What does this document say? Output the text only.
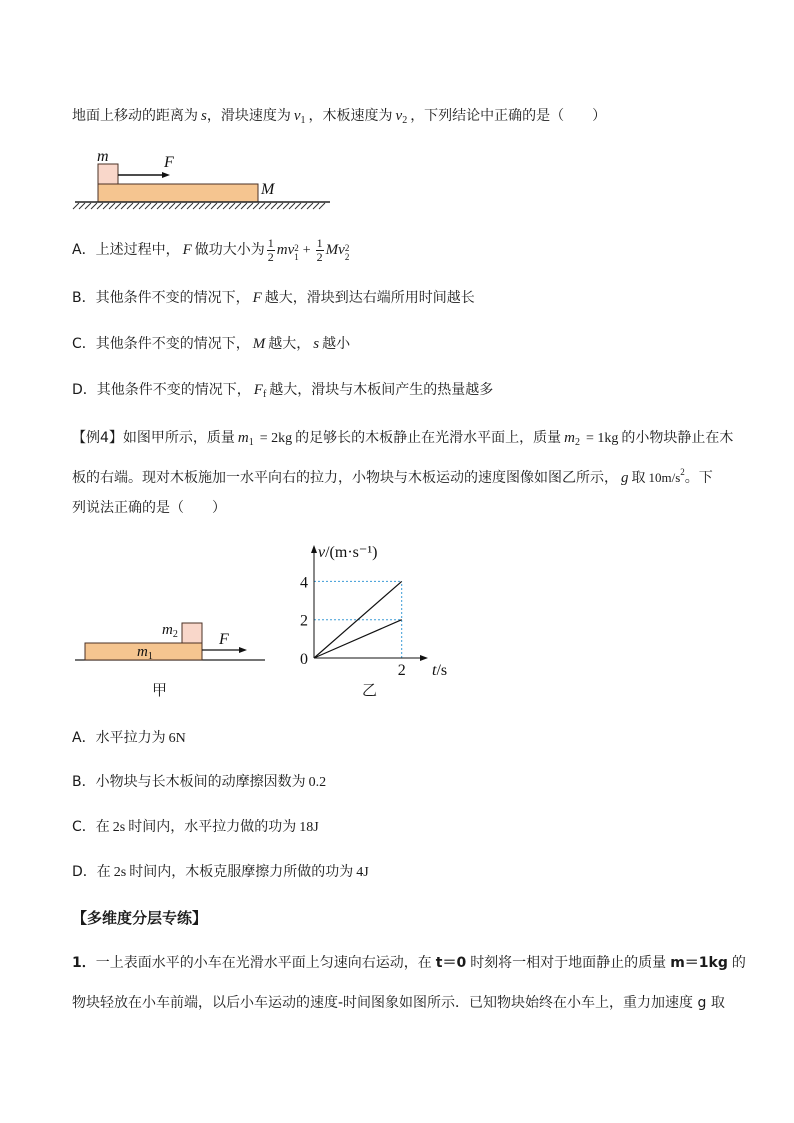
地面上移动的距离为 s，滑块速度为 $v_1$ ，木板速度为 $v_2$ ，下列结论中正确的是（　　）
m	F
M
A．上述过程中， F 做功大小为 $\frac{1}{2}$ mv 2
$1 + \frac{1}{2}$ Mv 2
2
B．其他条件不变的情况下， F 越大，滑块到达右端所用时间越长
C．其他条件不变的情况下， M 越大， s 越小
D．其他条件不变的情况下， $F_f$ 越大，滑块与木板间产生的热量越多
【例4】如图甲所示，质量 $m_1 = 2kg$ 的足够长的木板静止在光滑水平面上，质量 $m_2 = 1kg$ 的小物块静止在木
板的右端。现对木板施加一水平向右的拉力，小物块与木板运动的速度图像如图乙所示， g 取 $10m/s^2$。下
列说法正确的是（　　）
$m_1$
$m_2$	F
甲
v/(m·s⁻¹)
t/s
2
4
2
0
乙
A．水平拉力为 6N
B．小物块与长木板间的动摩擦因数为 0.2
C．在 2s 时间内，水平拉力做的功为 18J
D．在 2s 时间内，木板克服摩擦力所做的功为 4J
【多维度分层专练】
1．一上表面水平的小车在光滑水平面上匀速向右运动，在 t＝0 时刻将一相对于地面静止的质量 m＝1kg 的
物块轻放在小车前端，以后小车运动的速度-时间图象如图所示．已知物块始终在小车上，重力加速度 g 取
